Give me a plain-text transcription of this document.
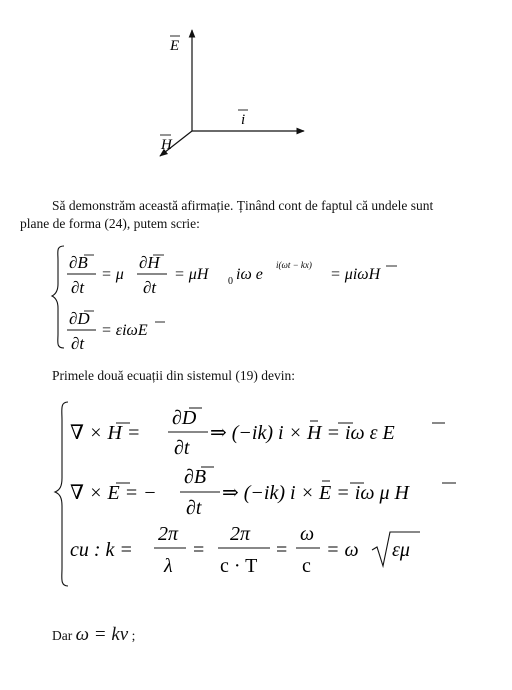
E
i
H
Să demonstrăm această afirmație. Ținând cont de faptul că undele sunt
plane de forma (24), putem scrie:
∂B
∂t
= μ
∂H
∂t
= μH 0 iω e
i(ωt − kx)
= μiωH
∂D
∂t
= εiωE
Primele două ecuații din sistemul (19) devin:
∇ × H =
∂D
∂t
⇒ (−ik) i × H = iω ε E
∇ × E = −
∂B
∂t
⇒ (−ik) i × E = iω μ H
cu : k =
2π
λ
=
2π
c · T
=
ω
c
= ω εμ
Dar ω = kv ;
